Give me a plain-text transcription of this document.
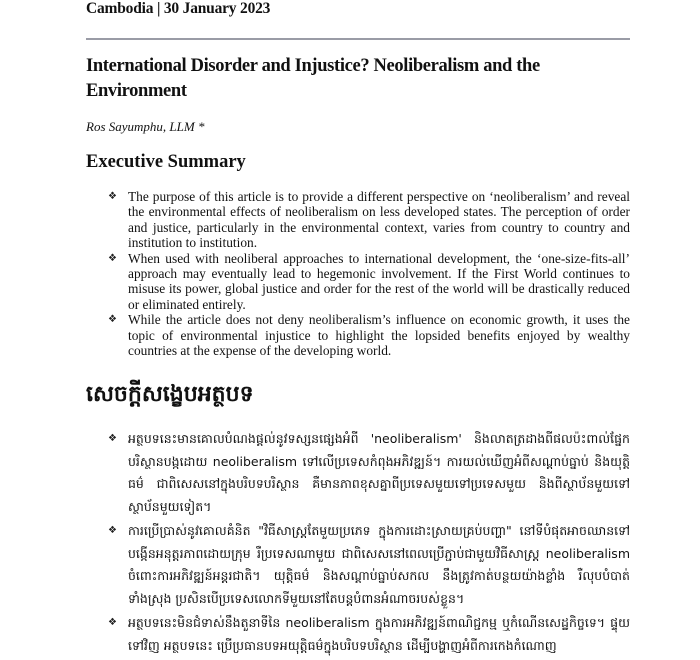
Cambodia | 30 January 2023
International Disorder and Injustice? Neoliberalism and the Environment
Ros Sayumphu, LLM *
Executive Summary
❖ The purpose of this article is to provide a different perspective on ‘neoliberalism’ and reveal the environmental effects of neoliberalism on less developed states. The perception of order and justice, particularly in the environmental context, varies from country to country and institution to institution.
❖ When used with neoliberal approaches to international development, the ‘one-size-fits-all’ approach may eventually lead to hegemonic involvement. If the First World continues to misuse its power, global justice and order for the rest of the world will be drastically reduced or eliminated entirely.
❖ While the article does not deny neoliberalism’s influence on economic growth, it uses the topic of environmental injustice to highlight the lopsided benefits enjoyed by wealthy countries at the expense of the developing world.
សេចក្តីសង្ខេបអត្ថបទ
❖ អត្ថបទនេះមានគោលបំណងផ្តល់នូវទស្សនផ្សេងអំពី 'neoliberalism' និងលាតត្រដាងពីផលប៉ះពាល់ផ្នែកបរិស្ថានបង្កដោយ neoliberalism ទៅលើប្រទេសកំពុងអភិវឌ្ឍន៍។ ការយល់ឃើញអំពីសណ្តាប់ធ្នាប់ និងយុត្តិធម៌ ជាពិសេសនៅក្នុងបរិបទបរិស្ថាន គឺមានភាពខុសគ្នាពីប្រទេសមួយទៅប្រទេសមួយ និងពីស្ថាប័នមួយទៅស្ថាប័នមួយទៀត។
❖ ការប្រើប្រាស់នូវគោលគំនិត "វិធីសាស្ត្រតែមួយប្រភេទ ក្នុងការដោះស្រាយគ្រប់បញ្ហា" នៅទីបំផុតអាចឈានទៅបង្កើនអនុត្តរភាពដោយក្រុម រឺប្រទេសណាមួយ ជាពិសេសនៅពេលប្រើភ្ជាប់ជាមួយវិធីសាស្ត្រ neoliberalism ចំពោះការអភិវឌ្ឍន៍អន្តរជាតិ។ យុត្តិធម៌ និងសណ្តាប់ធ្នាប់សកល នឹងត្រូវកាត់បន្ថយយ៉ាងខ្លាំង រឺលុបបំបាត់ទាំងស្រុង ប្រសិនបើប្រទេសលោកទីមួយនៅតែបន្តបំពានអំណាចរបស់ខ្លួន។
❖ អត្ថបទនេះមិនជំទាស់នឹងតួនាទីនៃ neoliberalism ក្នុងការអភិវឌ្ឍន៍ពាណិជ្ជកម្ម ឬកំណើនសេដ្ឋកិច្ចទេ។ ផ្ទុយទៅវិញ អត្ថបទនេះ ប្រើប្រធានបទអយុត្តិធម៌ក្នុងបរិបទបរិស្ថាន ដើម្បីបង្ហាញអំពីការកេងកំណោញ
